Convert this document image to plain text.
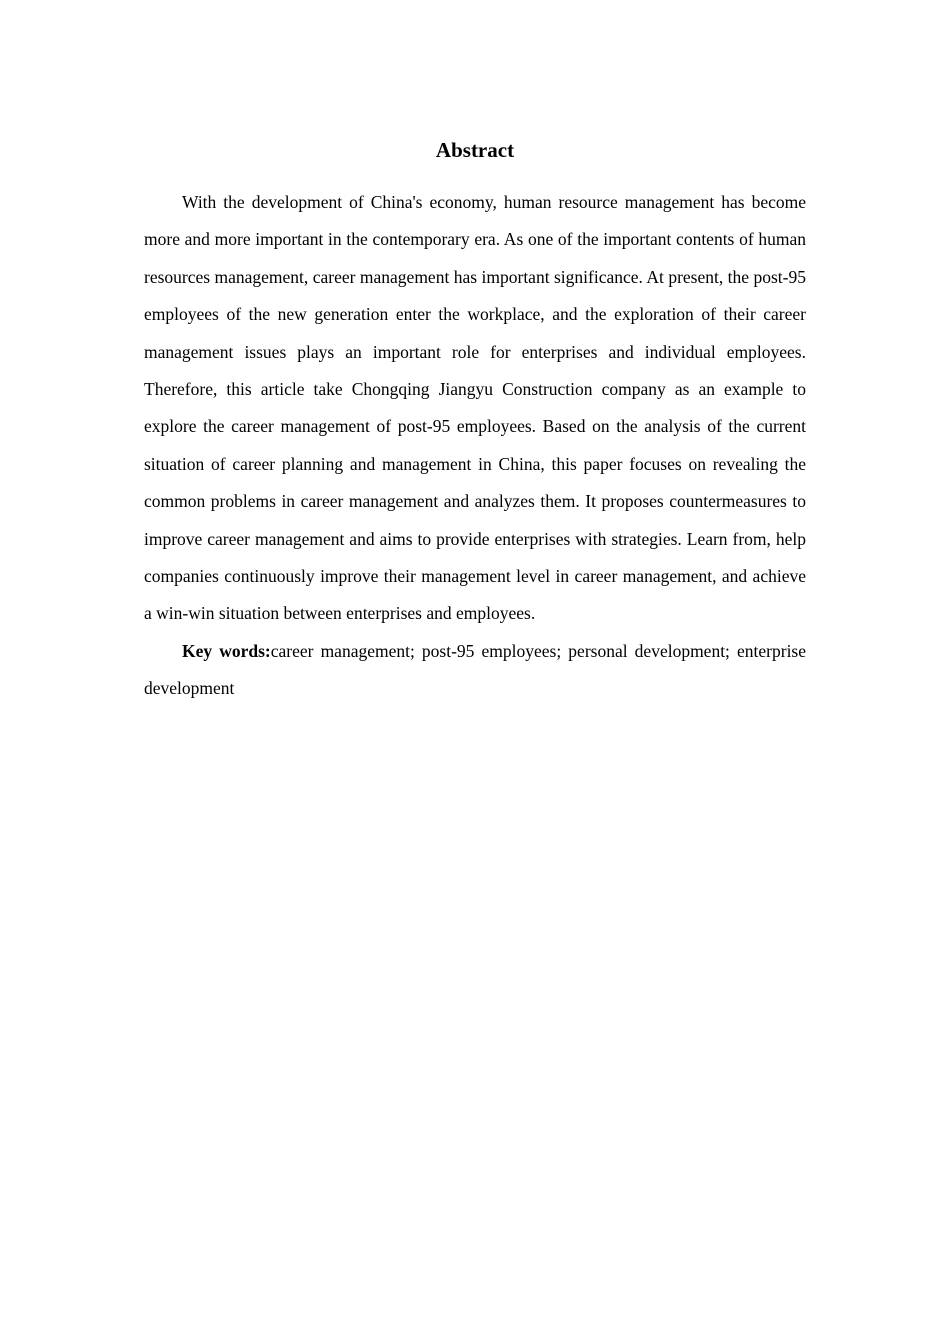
Abstract

With the development of China's economy, human resource management has become more and more important in the contemporary era. As one of the important contents of human resources management, career management has important significance. At present, the post-95 employees of the new generation enter the workplace, and the exploration of their career management issues plays an important role for enterprises and individual employees. Therefore, this article take Chongqing Jiangyu Construction company as an example to explore the career management of post-95 employees. Based on the analysis of the current situation of career planning and management in China, this paper focuses on revealing the common problems in career management and analyzes them. It proposes countermeasures to improve career management and aims to provide enterprises with strategies. Learn from, help companies continuously improve their management level in career management, and achieve a win-win situation between enterprises and employees.

Key words:career management; post-95 employees; personal development; enterprise development
